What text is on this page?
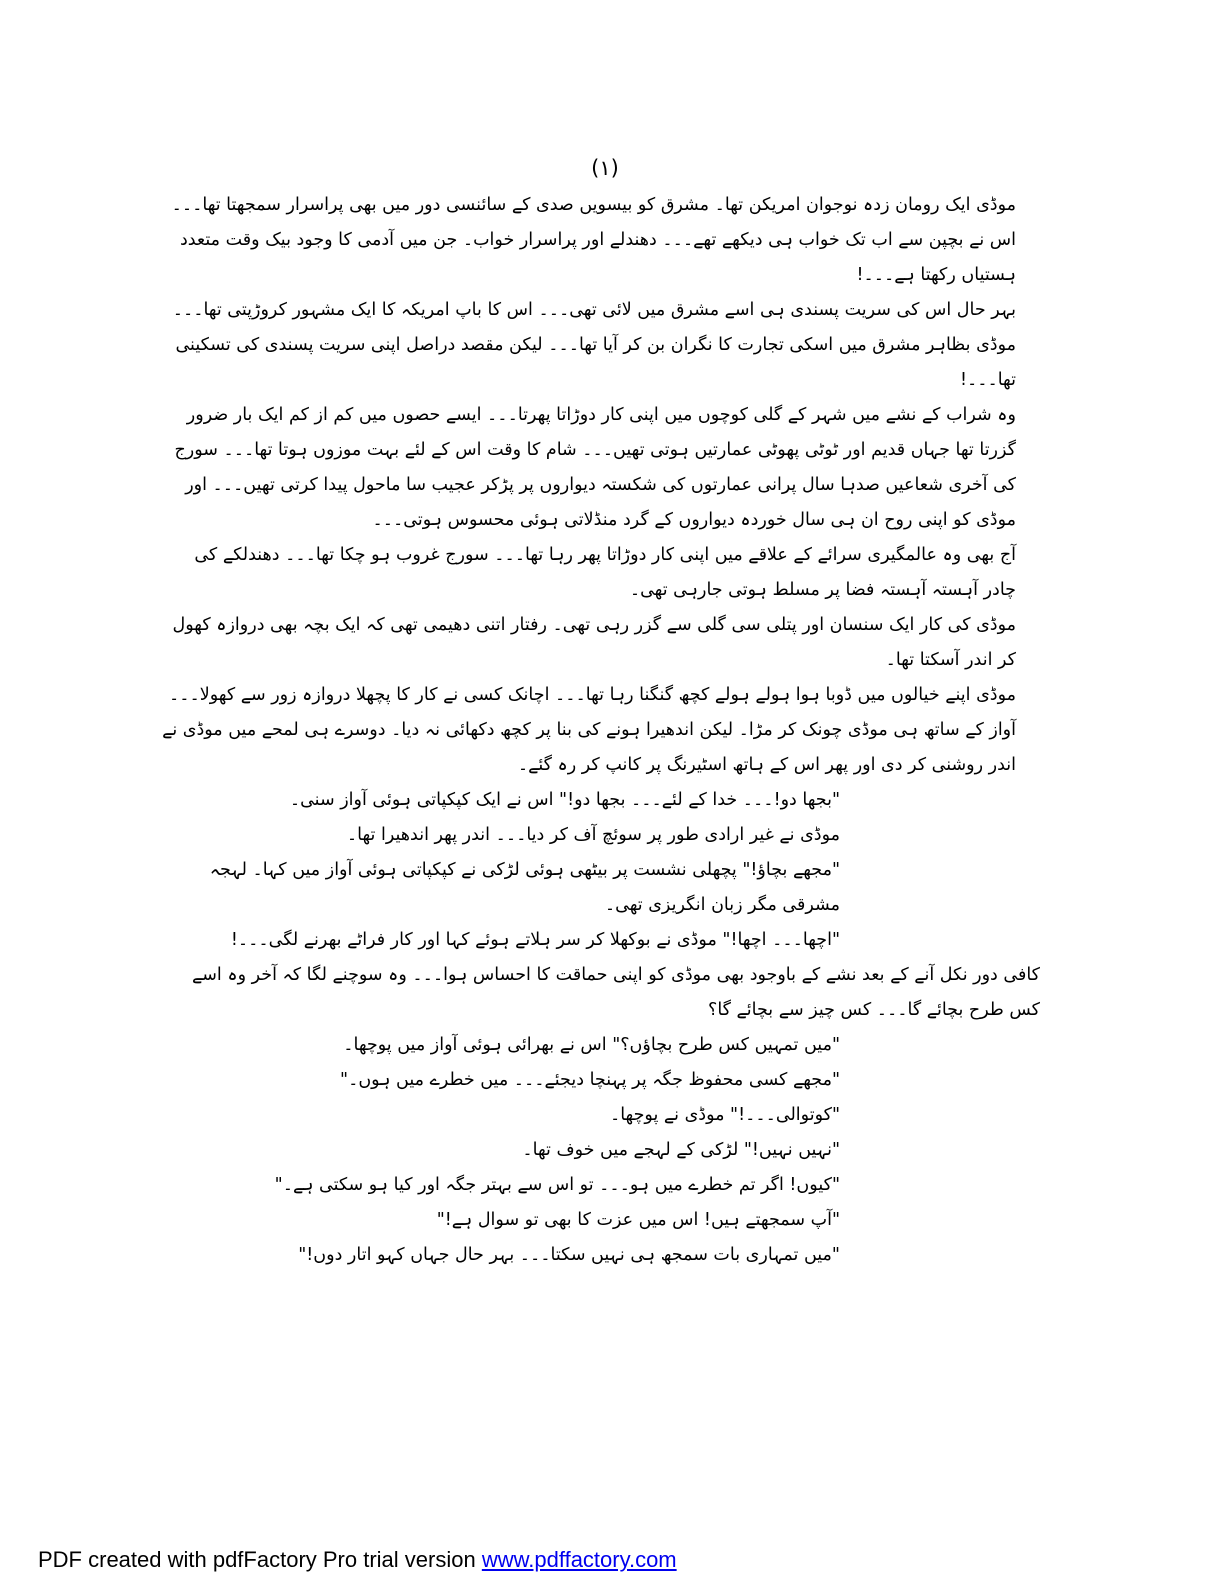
(۱)

موڈی ایک رومان زدہ نوجوان امریکن تھا۔ مشرق کو بیسویں صدی کے سائنسی دور میں بھی پراسرار سمجھتا تھا۔۔۔ اس نے بچپن سے اب تک خواب ہی دیکھے تھے۔۔۔ دھندلے اور پراسرار خواب۔ جن میں آدمی کا وجود بیک وقت متعدد ہستیاں رکھتا ہے۔۔۔!

بہر حال اس کی سریت پسندی ہی اسے مشرق میں لائی تھی۔۔۔ اس کا باپ امریکہ کا ایک مشہور کروڑپتی تھا۔۔۔ موڈی بظاہر مشرق میں اسکی تجارت کا نگران بن کر آیا تھا۔۔۔ لیکن مقصد دراصل اپنی سریت پسندی کی تسکینی تھا۔۔۔!

وہ شراب کے نشے میں شہر کے گلی کوچوں میں اپنی کار دوڑاتا پھرتا۔۔۔ ایسے حصوں میں کم از کم ایک بار ضرور گزرتا تھا جہاں قدیم اور ٹوٹی پھوٹی عمارتیں ہوتی تھیں۔۔۔ شام کا وقت اس کے لئے بہت موزوں ہوتا تھا۔۔۔ سورج کی آخری شعاعیں صدہا سال پرانی عمارتوں کی شکستہ دیواروں پر پڑکر عجیب سا ماحول پیدا کرتی تھیں۔۔۔ اور موڈی کو اپنی روح ان ہی سال خوردہ دیواروں کے گرد منڈلاتی ہوئی محسوس ہوتی۔۔۔

آج بھی وہ عالمگیری سرائے کے علاقے میں اپنی کار دوڑاتا پھر رہا تھا۔۔۔ سورج غروب ہو چکا تھا۔۔۔ دھندلکے کی چادر آہستہ آہستہ فضا پر مسلط ہوتی جارہی تھی۔

موڈی کی کار ایک سنسان اور پتلی سی گلی سے گزر رہی تھی۔ رفتار اتنی دھیمی تھی کہ ایک بچہ بھی دروازہ کھول کر اندر آسکتا تھا۔

موڈی اپنے خیالوں میں ڈوبا ہوا ہولے ہولے کچھ گنگنا رہا تھا۔۔۔ اچانک کسی نے کار کا پچھلا دروازہ زور سے کھولا۔۔۔ آواز کے ساتھ ہی موڈی چونک کر مڑا۔ لیکن اندھیرا ہونے کی بنا پر کچھ دکھائی نہ دیا۔ دوسرے ہی لمحے میں موڈی نے اندر روشنی کر دی اور پھر اس کے ہاتھ اسٹیرنگ پر کانپ کر رہ گئے۔

"بجھا دو!۔۔۔ خدا کے لئے۔۔۔ بجھا دو!" اس نے ایک کپکپاتی ہوئی آواز سنی۔

موڈی نے غیر ارادی طور پر سوئچ آف کر دیا۔۔۔ اندر پھر اندھیرا تھا۔

"مجھے بچاؤ!" پچھلی نشست پر بیٹھی ہوئی لڑکی نے کپکپاتی ہوئی آواز میں کہا۔ لہجہ مشرقی مگر زبان انگریزی تھی۔

"اچھا۔۔۔ اچھا!" موڈی نے بوکھلا کر سر ہلاتے ہوئے کہا اور کار فراٹے بھرنے لگی۔۔۔!

کافی دور نکل آنے کے بعد نشے کے باوجود بھی موڈی کو اپنی حماقت کا احساس ہوا۔۔۔ وہ سوچنے لگا کہ آخر وہ اسے کس طرح بچائے گا۔۔۔ کس چیز سے بچائے گا؟

"میں تمہیں کس طرح بچاؤں؟" اس نے بھرائی ہوئی آواز میں پوچھا۔

"مجھے کسی محفوظ جگہ پر پہنچا دیجئے۔۔۔ میں خطرے میں ہوں۔"

"کوتوالی۔۔۔!" موڈی نے پوچھا۔

"نہیں نہیں!" لڑکی کے لہجے میں خوف تھا۔

"کیوں! اگر تم خطرے میں ہو۔۔۔ تو اس سے بہتر جگہ اور کیا ہو سکتی ہے۔"

"آپ سمجھتے ہیں! اس میں عزت کا بھی تو سوال ہے!"

"میں تمہاری بات سمجھ ہی نہیں سکتا۔۔۔ بہر حال جہاں کہو اتار دوں!"

PDF created with pdfFactory Pro trial version www.pdffactory.com
